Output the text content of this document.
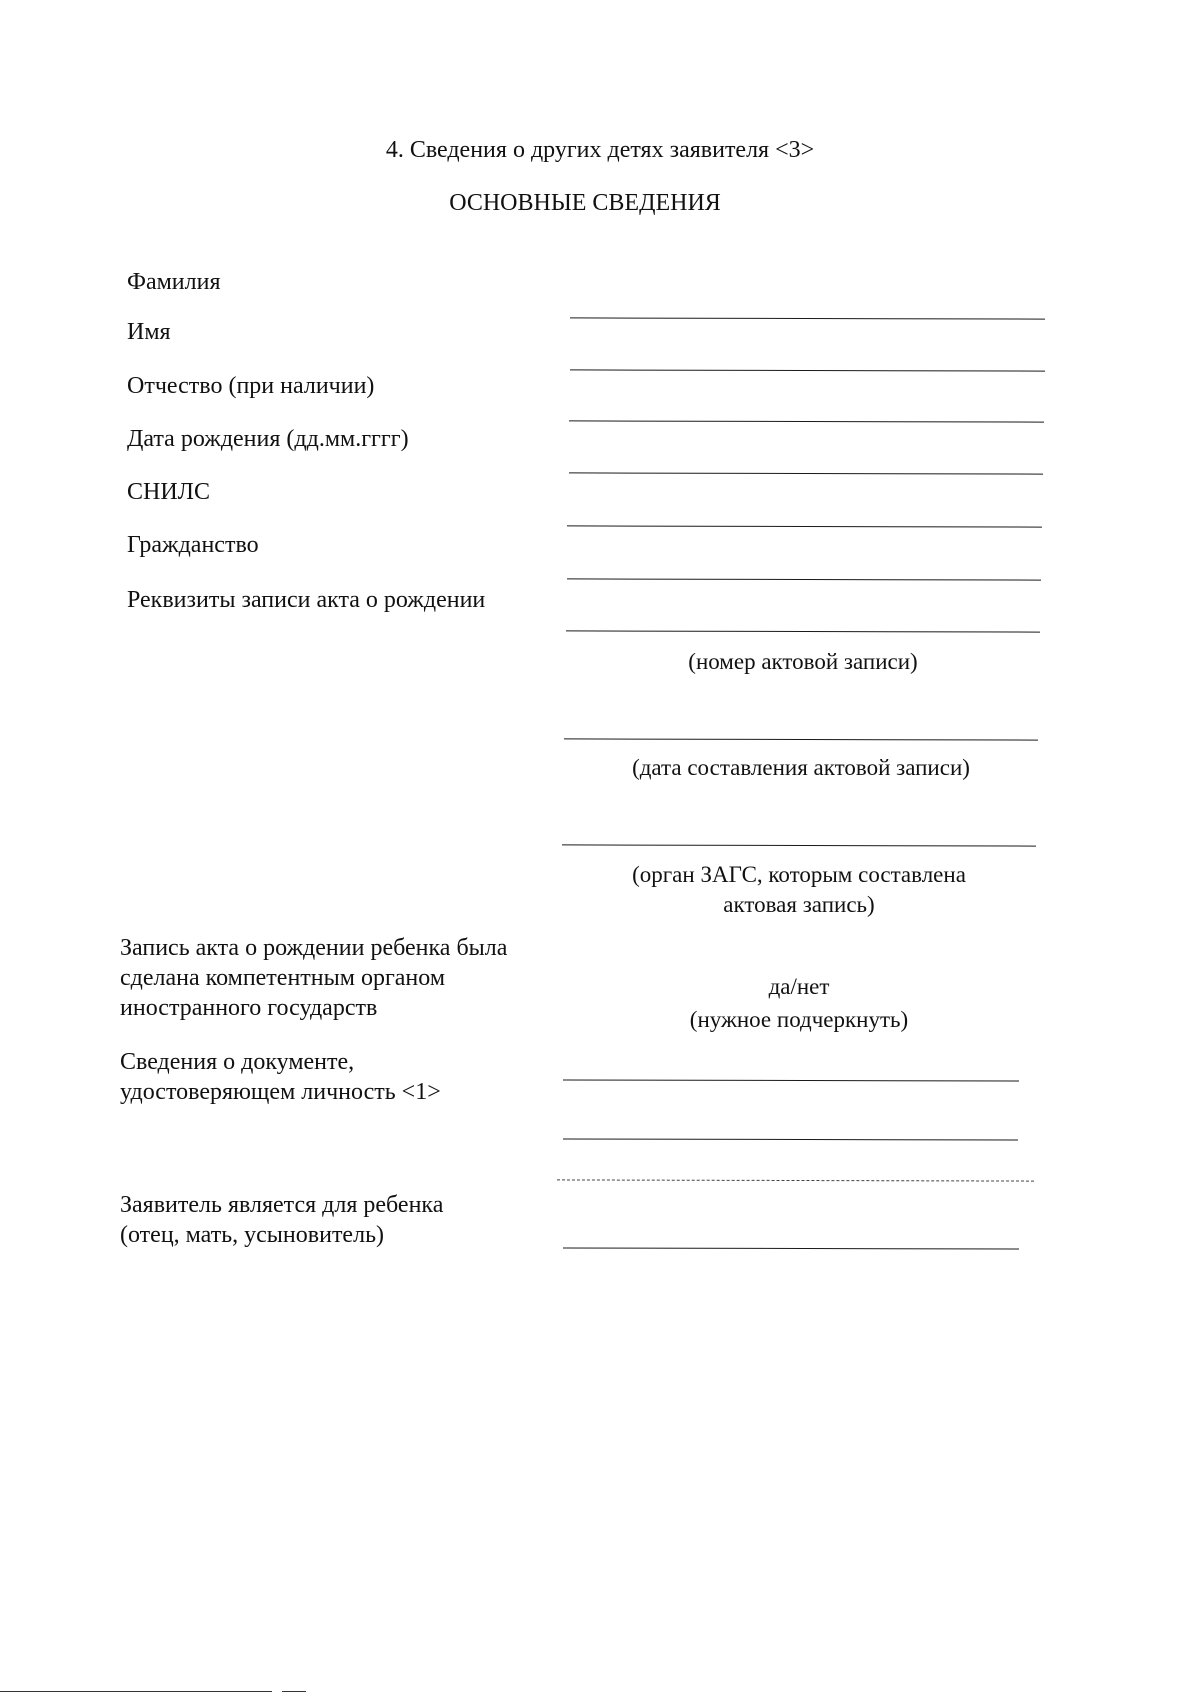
4. Сведения о других детях заявителя <3>
ОСНОВНЫЕ СВЕДЕНИЯ
Фамилия
Имя
Отчество (при наличии)
Дата рождения (дд.мм.гггг)
СНИЛС
Гражданство
Реквизиты записи акта о рождении
Запись акта о рождении ребенка была
сделана компетентным органом
иностранного государств
Сведения о документе,
удостоверяющем личность <1>
Заявитель является для ребенка
(отец, мать, усыновитель)
(номер актовой записи)
(дата составления актовой записи)
(орган ЗАГС, которым составлена
актовая запись)
да/нет
(нужное подчеркнуть)
